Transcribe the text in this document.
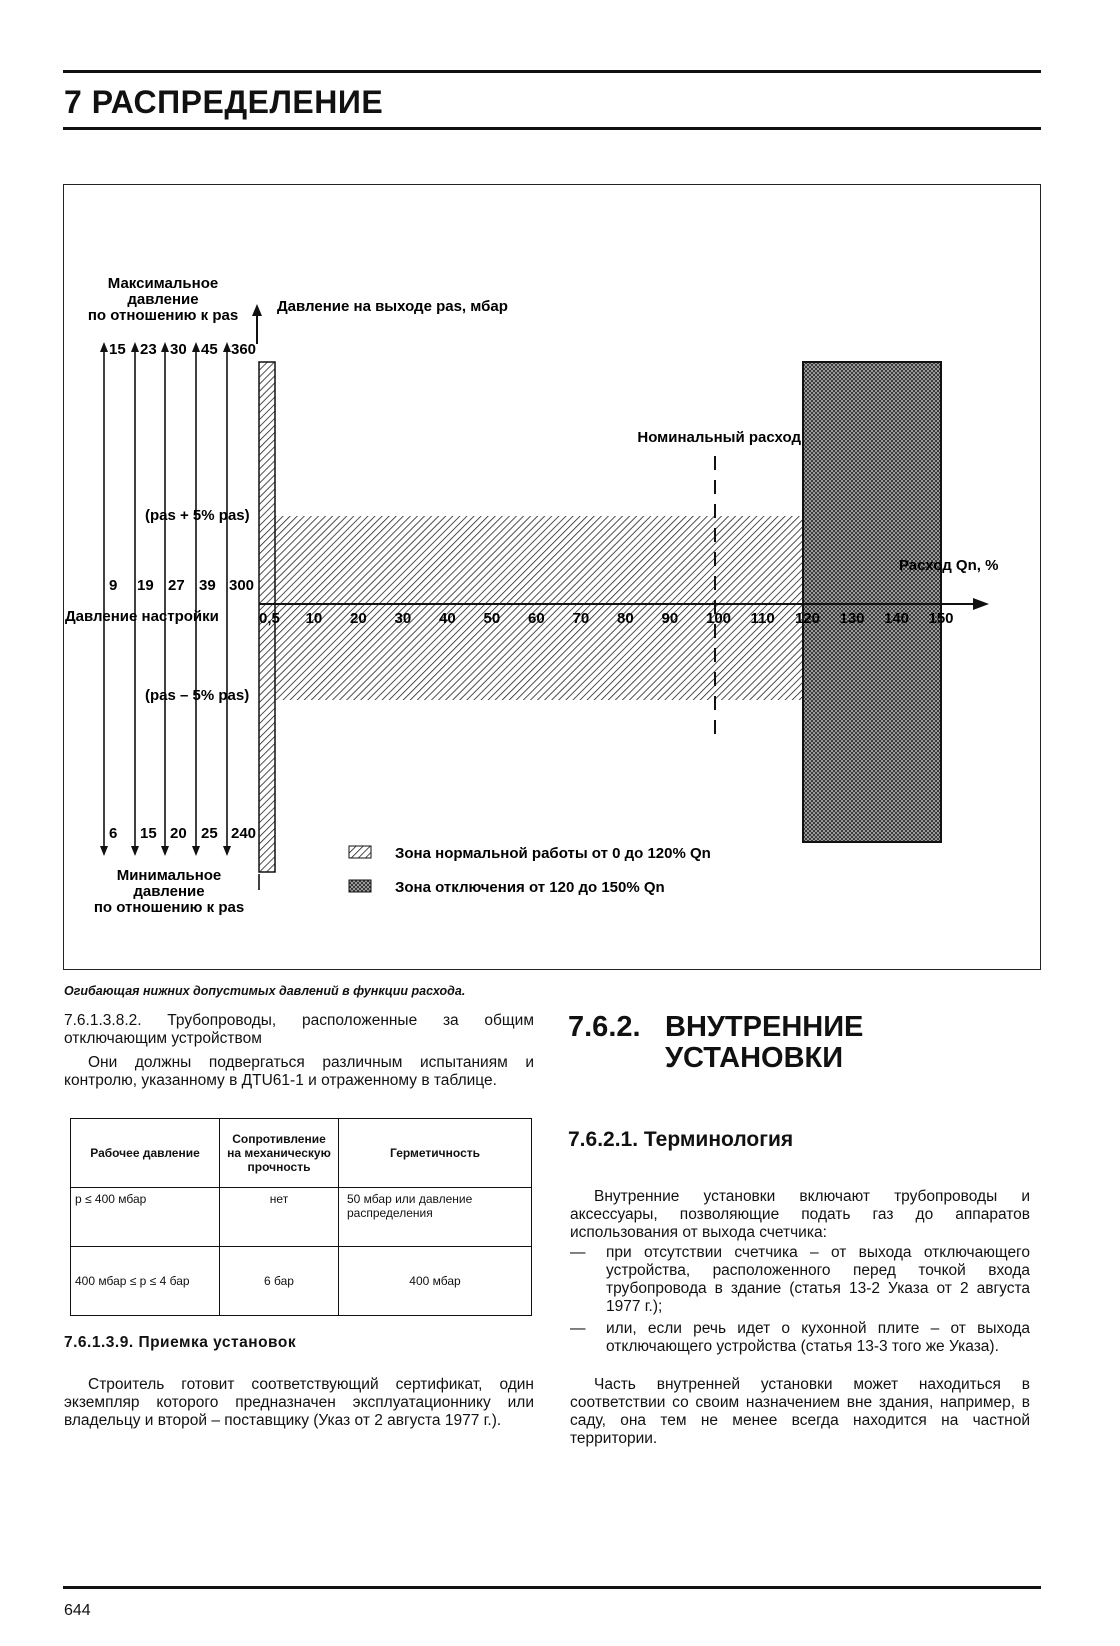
7 РАСПРЕДЕЛЕНИЕ
Максимальное
давление
по отношению к pas
Давление на выходе pas, мбар
15 23 30 45 360
Номинальный расход
(pas + 5% pas)
Расход Qn, %
9 19 27 39 300
Давление настройки
(pas – 5% pas)
6 15 20 25 240
Минимальное
давление
по отношению к pas
Зона нормальной работы от 0 до 120% Qn
Зона отключения от 120 до 150% Qn
0,5 10 20 30 40 50 60 70 80 90 100 110 120 130 140 150
Огибающая нижних допустимых давлений в функции расхода.
7.6.1.3.8.2. Трубопроводы, расположенные за общим отключающим устройством
Они должны подвергаться различным испытаниям и контролю, указанному в ДTU61-1 и отраженному в таблице.
Рабочее давление	Сопротивление на механическую прочность	Герметичность
p ≤ 400 мбар	нет	50 мбар или давление распределения
400 мбар ≤ p ≤ 4 бар	6 бар	400 мбар
7.6.1.3.9. Приемка установок
Строитель готовит соответствующий сертификат, один экземпляр которого предназначен эксплуатационнику или владельцу и второй – поставщику (Указ от 2 августа 1977 г.).
7.6.2. ВНУТРЕННИЕ
УСТАНОВКИ
7.6.2.1. Терминология
Внутренние установки включают трубопроводы и аксессуары, позволяющие подать газ до аппаратов использования от выхода счетчика:
— при отсутствии счетчика – от выхода отключающего устройства, расположенного перед точкой входа трубопровода в здание (статья 13-2 Указа от 2 августа 1977 г.);
— или, если речь идет о кухонной плите – от выхода отключающего устройства (статья 13-3 того же Указа).
Часть внутренней установки может находиться в соответствии со своим назначением вне здания, например, в саду, она тем не менее всегда находится на частной территории.
644
